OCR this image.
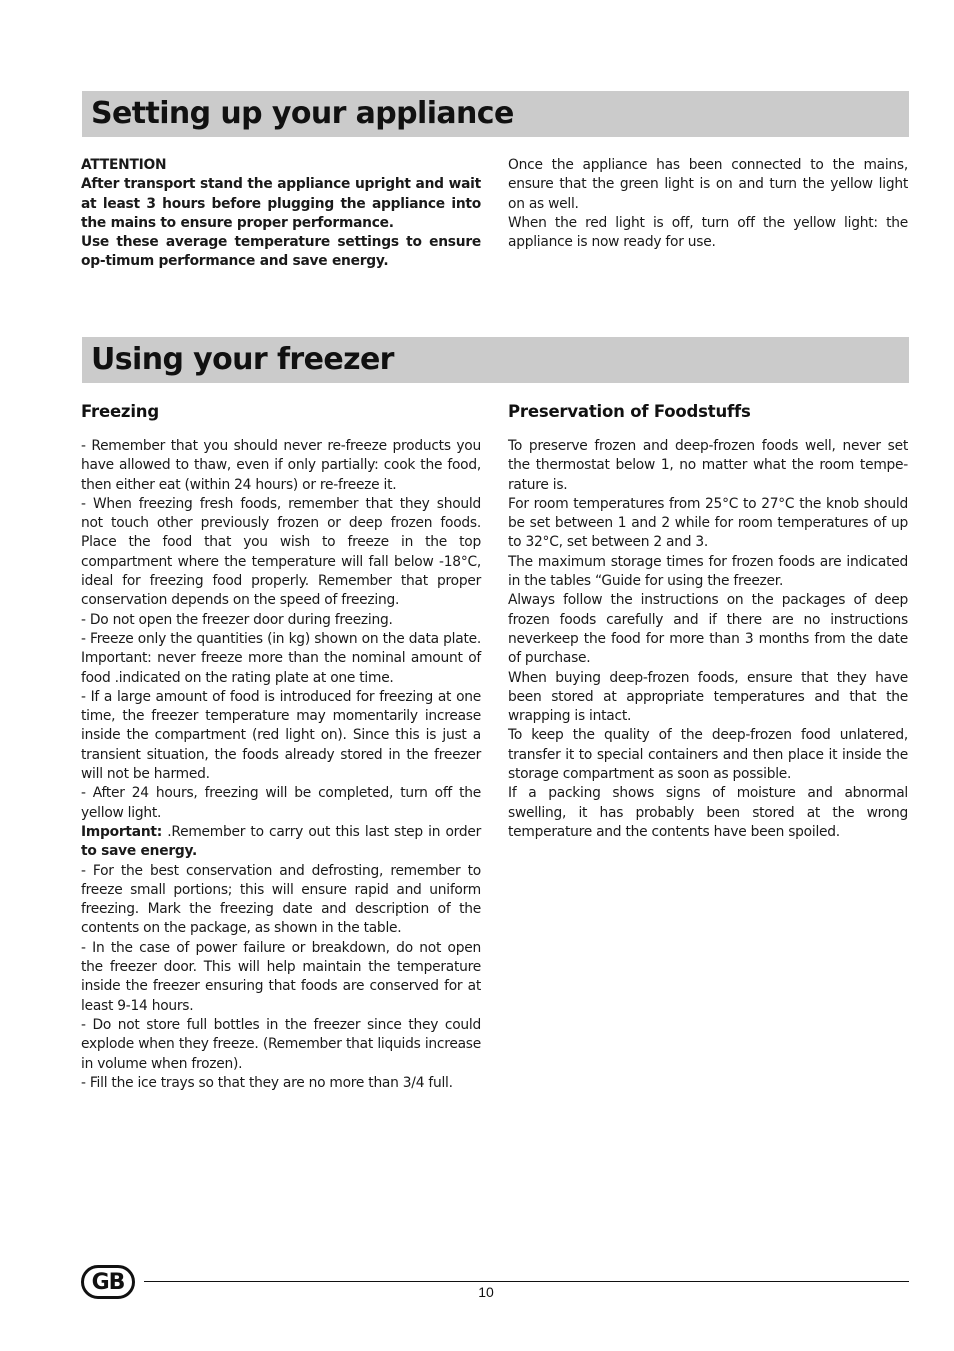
Setting up your appliance

ATTENTION

After transport stand the appliance upright and wait at least 3 hours before plugging the appliance into the mains to ensure proper performance.

Use these average temperature settings to ensure op-timum performance and save energy.

Once the appliance has been connected to the mains, ensure that the green light is on and turn the yellow light on as well.

When the red light is off, turn off the yellow light: the appliance is now ready for use.

Using your freezer

Freezing	Preservation of Foodstuffs

- Remember that you should never re-freeze products you have allowed to thaw, even if only partially: cook the food, then either eat (within 24 hours) or re-freeze it.

- When freezing fresh foods, remember that they should not touch other previously frozen or deep frozen foods. Place the food that you wish to freeze in the top compartment where the temperature will fall below -18°C, ideal for freezing food properly. Remember that proper conservation depends on the speed of freezing.

- Do not open the freezer door during freezing.

- Freeze only the quantities (in kg) shown on the data plate. Important: never freeze more than the nominal amount of food .indicated on the rating plate at one time.

- If a large amount of food is introduced for freezing at one time, the freezer temperature may momentarily increase inside the compartment (red light on). Since this is just a transient situation, the foods already stored in the freezer will not be harmed.

- After 24 hours, freezing will be completed, turn off the yellow light.

Important: .Remember to carry out this last step in order to save energy.

- For the best conservation and defrosting, remember to freeze small portions; this will ensure rapid and uniform freezing. Mark the freezing date and description of the contents on the package, as shown in the table.

- In the case of power failure or breakdown, do not open the freezer door. This will help maintain the temperature inside the freezer ensuring that foods are conserved for at least 9-14 hours.

- Do not store full bottles in the freezer since they could explode when they freeze. (Remember that liquids increase in volume when frozen).

- Fill the ice trays so that they are no more than 3/4 full.

To preserve frozen and deep-frozen foods well, never set the thermostat below 1, no matter what the room tempe-rature is.

For room temperatures from 25°C to 27°C the knob should be set between 1 and 2 while for room temperatures of up to 32°C, set between 2 and 3.

The maximum storage times for frozen foods are indicated in the tables “Guide for using the freezer.

Always follow the instructions on the packages of deep frozen foods carefully and if there are no instructions neverkeep the food for more than 3 months from the date of purchase.

When buying deep-frozen foods, ensure that they have been stored at appropriate temperatures and that the wrapping is intact.

To keep the quality of the deep-frozen food unlatered, transfer it to special containers and then place it inside the storage compartment as soon as possible.

If a packing shows signs of moisture and abnormal swelling, it has probably been stored at the wrong temperature and the contents have been spoiled.

GB	10
